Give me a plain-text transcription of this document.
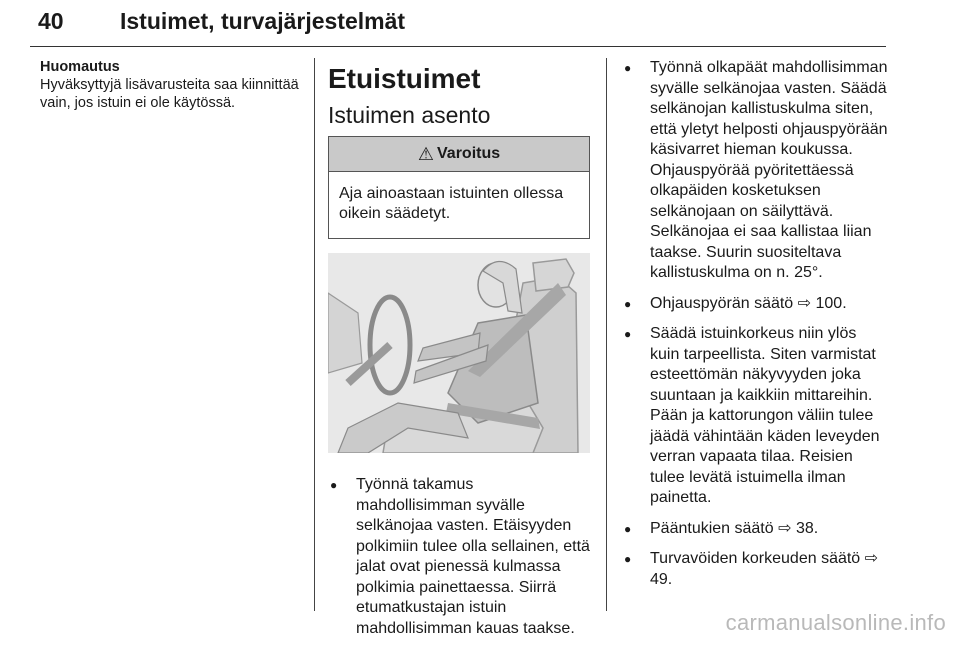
40 Istuimet, turvajärjestelmät
Huomautus
Hyväksyttyjä lisävarusteita saa kiinnittää vain, jos istuin ei ole käytössä.
Etuistuimet
Istuimen asento
⚠ Varoitus
Aja ainoastaan istuinten ollessa oikein säädetyt.
● Työnnä takamus mahdollisimman syvälle selkänojaa vasten. Etäisyyden polkimiin tulee olla sellainen, että jalat ovat pienessä kulmassa polkimia painettaessa. Siirrä etumatkustajan istuin mahdollisimman kauas taakse.
● Työnnä olkapäät mahdollisimman syvälle selkänojaa vasten. Säädä selkänojan kallistuskulma siten, että yletyt helposti ohjauspyörään käsivarret hieman koukussa. Ohjauspyörää pyöritettäessä olkapäiden kosketuksen selkänojaan on säilyttävä. Selkänojaa ei saa kallistaa liian taakse. Suurin suositeltava kallistuskulma on n. 25°.
● Ohjauspyörän säätö ⇨ 100.
● Säädä istuinkorkeus niin ylös kuin tarpeellista. Siten varmistat esteettömän näkyvyyden joka suuntaan ja kaikkiin mittareihin. Pään ja kattorungon väliin tulee jäädä vähintään käden leveyden verran vapaata tilaa. Reisien tulee levätä istuimella ilman painetta.
● Pääntukien säätö ⇨ 38.
● Turvavöiden korkeuden säätö ⇨ 49.
carmanualsonline.info
